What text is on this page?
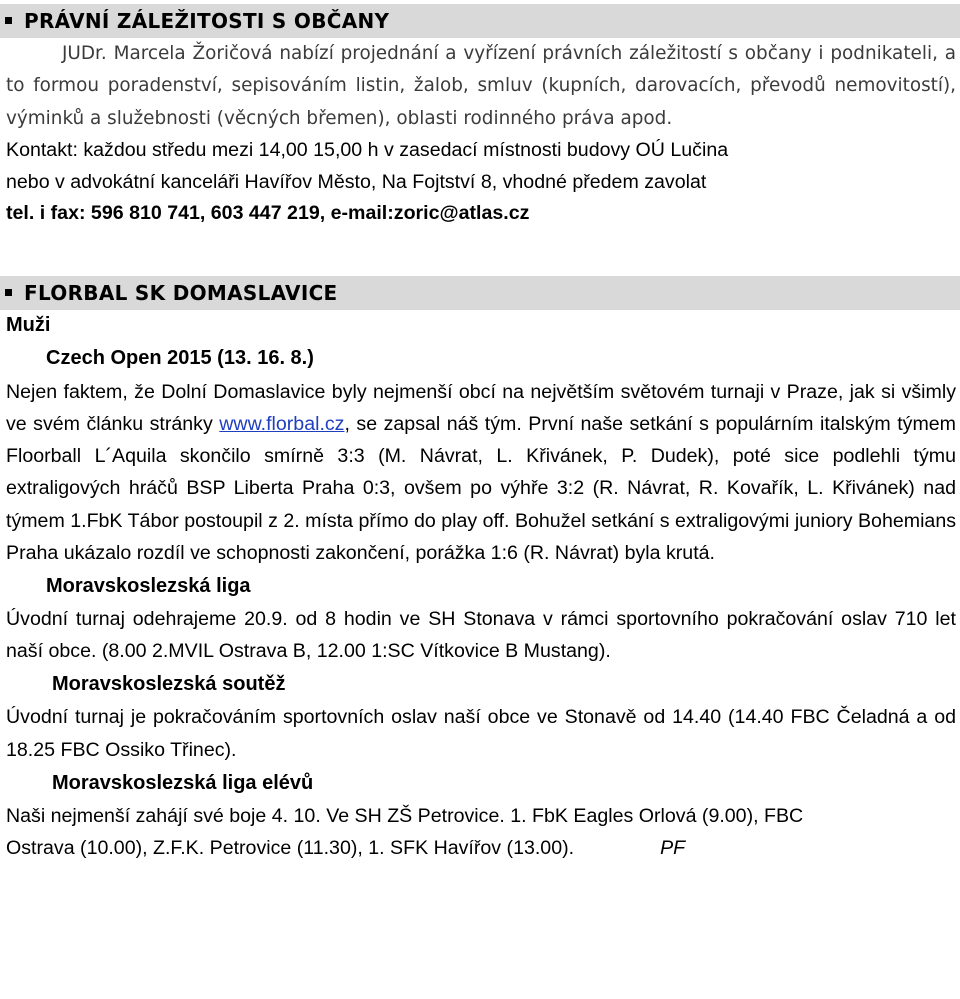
PRÁVNÍ ZÁLEŽITOSTI S OBČANY
JUDr. Marcela Žoričová nabízí projednání a vyřízení právních záležitostí s občany i podnikateli, a to formou poradenství, sepisováním listin, žalob, smluv (kupních, darovacích, převodů nemovitostí), výminků a služebnosti (věcných břemen), oblasti rodinného práva apod.
Kontakt: každou středu mezi 14,00 15,00 h v zasedací místnosti budovy OÚ Lučina
nebo v advokátní kanceláři Havířov Město, Na Fojtství 8, vhodné předem zavolat
tel. i fax: 596 810 741, 603 447 219, e-mail:zoric@atlas.cz
FLORBAL SK DOMASLAVICE
Muži
Czech Open 2015 (13. 16. 8.)
Nejen faktem, že Dolní Domaslavice byly nejmenší obcí na největším světovém turnaji v Praze, jak si všimly ve svém článku stránky www.florbal.cz, se zapsal náš tým. První naše setkání s populárním italským týmem Floorball L´Aquila skončilo smírně 3:3 (M. Návrat, L. Křivánek, P. Dudek), poté sice podlehli týmu extraligových hráčů BSP Liberta Praha 0:3, ovšem po výhře 3:2 (R. Návrat, R. Kovařík, L. Křivánek) nad týmem 1.FbK Tábor postoupil z 2. místa přímo do play off. Bohužel setkání s extraligovými juniory Bohemians Praha ukázalo rozdíl ve schopnosti zakončení, porážka 1:6 (R. Návrat) byla krutá.
Moravskoslezská liga
Úvodní turnaj odehrajeme 20.9. od 8 hodin ve SH Stonava v rámci sportovního pokračování oslav 710 let naší obce. (8.00 2.MVIL Ostrava B, 12.00 1:SC Vítkovice B Mustang).
Moravskoslezská soutěž
Úvodní turnaj je pokračováním sportovních oslav naší obce ve Stonavě od 14.40 (14.40 FBC Čeladná a od 18.25 FBC Ossiko Třinec).
Moravskoslezská liga elévů
Naši nejmenší zahájí své boje 4. 10. Ve SH ZŠ Petrovice. 1. FbK Eagles Orlová (9.00), FBC
Ostrava (10.00), Z.F.K. Petrovice (11.30), 1. SFK Havířov (13.00).	PF
